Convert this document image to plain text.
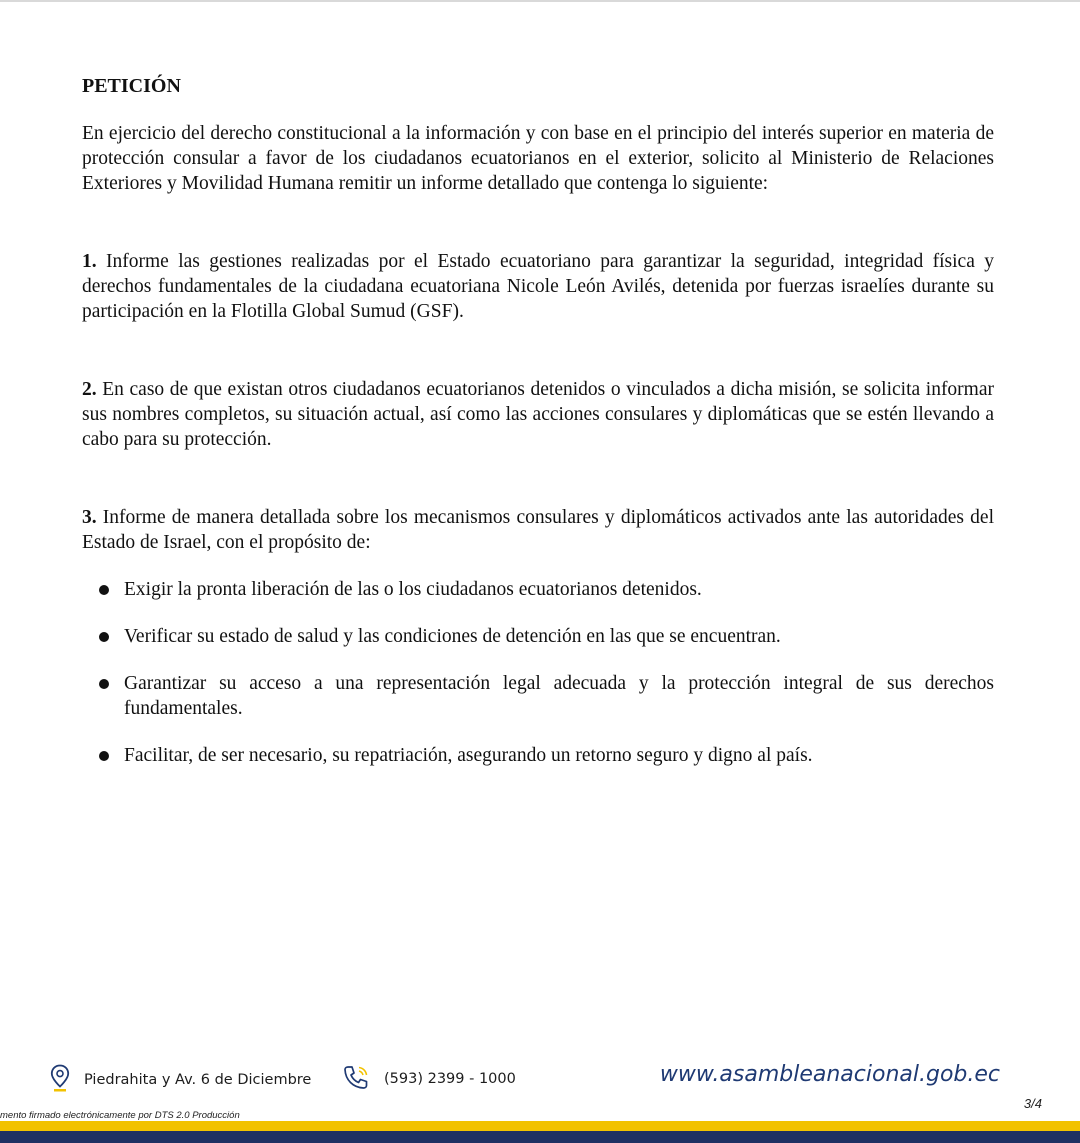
PETICIÓN

En ejercicio del derecho constitucional a la información y con base en el principio del interés superior en materia de protección consular a favor de los ciudadanos ecuatorianos en el exterior, solicito al Ministerio de Relaciones Exteriores y Movilidad Humana remitir un informe detallado que contenga lo siguiente:

1. Informe las gestiones realizadas por el Estado ecuatoriano para garantizar la seguridad, integridad física y derechos fundamentales de la ciudadana ecuatoriana Nicole León Avilés, detenida por fuerzas israelíes durante su participación en la Flotilla Global Sumud (GSF).

2. En caso de que existan otros ciudadanos ecuatorianos detenidos o vinculados a dicha misión, se solicita informar sus nombres completos, su situación actual, así como las acciones consulares y diplomáticas que se estén llevando a cabo para su protección.

3. Informe de manera detallada sobre los mecanismos consulares y diplomáticos activados ante las autoridades del Estado de Israel, con el propósito de:

Exigir la pronta liberación de las o los ciudadanos ecuatorianos detenidos.
Verificar su estado de salud y las condiciones de detención en las que se encuentran.
Garantizar su acceso a una representación legal adecuada y la protección integral de sus derechos fundamentales.
Facilitar, de ser necesario, su repatriación, asegurando un retorno seguro y digno al país.
Piedrahita y Av. 6 de Diciembre	(593) 2399 - 1000	www.asambleanacional.gob.ec
3/4
mento firmado electrónicamente por DTS 2.0 Producción
